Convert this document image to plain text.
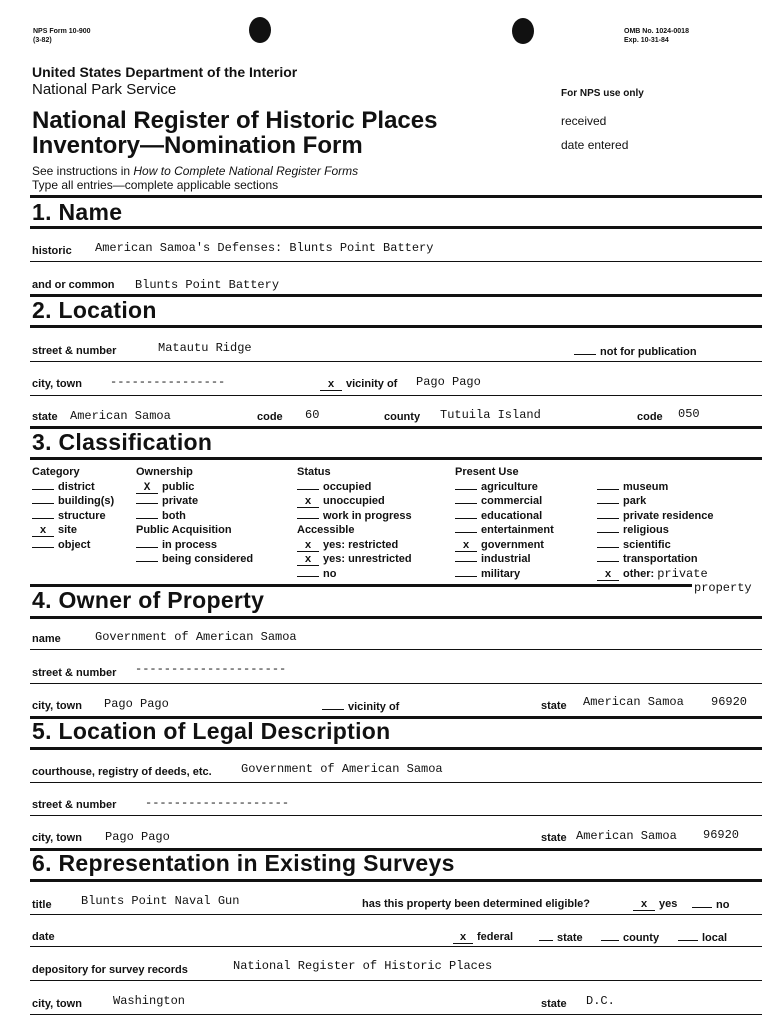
NPS Form 10-900
(3-82)
OMB No. 1024-0018
Exp. 10-31-84
United States Department of the Interior
National Park Service
National Register of Historic Places
Inventory—Nomination Form
See instructions in How to Complete National Register Forms
Type all entries—complete applicable sections
For NPS use only
received
date entered
1. Name
historic American Samoa's Defenses: Blunts Point Battery
and or common Blunts Point Battery
2. Location
street & number	Matautu Ridge	not for publication
city, town ----------------	x vicinity of Pago Pago
state American Samoa	code 60	county Tutuila Island	code 050
3. Classification
Category
district
building(s)
structure
x site
object
Ownership
X public
private
both
Public Acquisition
in process
being considered
Status
occupied
x unoccupied
work in progress
Accessible
x yes: restricted
x yes: unrestricted
no
Present Use
agriculture
commercial
educational
entertainment
x government
industrial
military
museum
park
private residence
religious
scientific
transportation
x other: private
property
4. Owner of Property
name	Government of American Samoa
street & number ---------------------
city, town Pago Pago	vicinity of	state American Samoa 96920
5. Location of Legal Description
courthouse, registry of deeds, etc. Government of American Samoa
street & number --------------------
city, town Pago Pago	state American Samoa 96920
6. Representation in Existing Surveys
title Blunts Point Naval Gun	has this property been determined eligible?	x yes	no
date	x federal	state	county	local
depository for survey records	National Register of Historic Places
city, town	Washington	state D.C.
